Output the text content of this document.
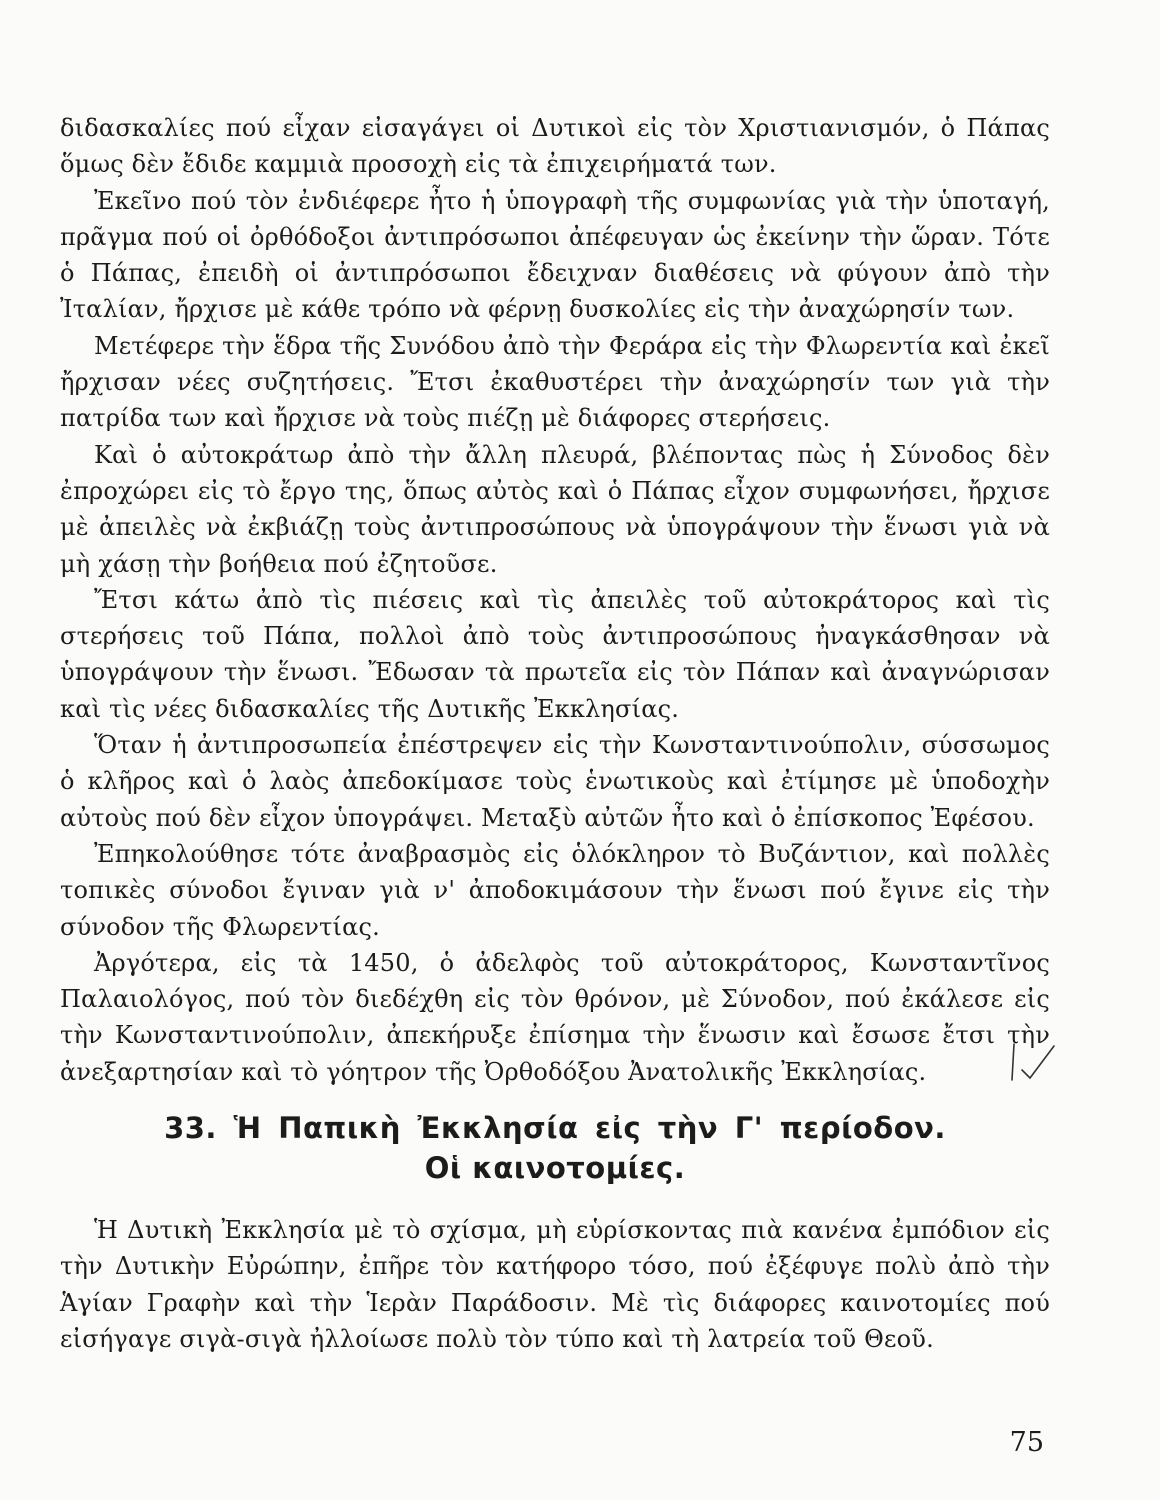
διδασκαλίες πού εἶχαν εἰσαγάγει οἱ Δυτικοὶ εἰς τὸν Χριστιανισμόν, ὁ Πάπας ὅμως δὲν ἔδιδε καμμιὰ προσοχὴ εἰς τὰ ἐπιχειρήματά των.

Ἐκεῖνο πού τὸν ἐνδιέφερε ἦτο ἡ ὑπογραφὴ τῆς συμφωνίας γιὰ τὴν ὑποταγή, πρᾶγμα πού οἱ ὀρθόδοξοι ἀντιπρόσωποι ἀπέφευγαν ὡς ἐκείνην τὴν ὥραν. Τότε ὁ Πάπας, ἐπειδὴ οἱ ἀντιπρόσωποι ἔδειχναν διαθέσεις νὰ φύγουν ἀπὸ τὴν Ἰταλίαν, ἤρχισε μὲ κάθε τρόπο νὰ φέρνῃ δυσκολίες εἰς τὴν ἀναχώρησίν των.

Μετέφερε τὴν ἕδρα τῆς Συνόδου ἀπὸ τὴν Φεράρα εἰς τὴν Φλωρεντία καὶ ἐκεῖ ἤρχισαν νέες συζητήσεις. Ἔτσι ἐκαθυστέρει τὴν ἀναχώρησίν των γιὰ τὴν πατρίδα των καὶ ἤρχισε νὰ τοὺς πιέζῃ μὲ διάφορες στερήσεις.

Καὶ ὁ αὐτοκράτωρ ἀπὸ τὴν ἄλλη πλευρά, βλέποντας πὼς ἡ Σύνοδος δὲν ἐπροχώρει εἰς τὸ ἔργο της, ὅπως αὐτὸς καὶ ὁ Πάπας εἶχον συμφωνήσει, ἤρχισε μὲ ἀπειλὲς νὰ ἐκβιάζῃ τοὺς ἀντιπροσώπους νὰ ὑπογράψουν τὴν ἕνωσι γιὰ νὰ μὴ χάσῃ τὴν βοήθεια πού ἐζητοῦσε.

Ἔτσι κάτω ἀπὸ τὶς πιέσεις καὶ τὶς ἀπειλὲς τοῦ αὐτοκράτορος καὶ τὶς στερήσεις τοῦ Πάπα, πολλοὶ ἀπὸ τοὺς ἀντιπροσώπους ἠναγκάσθησαν νὰ ὑπογράψουν τὴν ἕνωσι. Ἔδωσαν τὰ πρωτεῖα εἰς τὸν Πάπαν καὶ ἀναγνώρισαν καὶ τὶς νέες διδασκαλίες τῆς Δυτικῆς Ἐκκλησίας.

Ὅταν ἡ ἀντιπροσωπεία ἐπέστρεψεν εἰς τὴν Κωνσταντινούπολιν, σύσσωμος ὁ κλῆρος καὶ ὁ λαὸς ἀπεδοκίμασε τοὺς ἑνωτικοὺς καὶ ἐτίμησε μὲ ὑποδοχὴν αὐτοὺς πού δὲν εἶχον ὑπογράψει. Μεταξὺ αὐτῶν ἦτο καὶ ὁ ἐπίσκοπος Ἐφέσου.

Ἐπηκολούθησε τότε ἀναβρασμὸς εἰς ὁλόκληρον τὸ Βυζάντιον, καὶ πολλὲς τοπικὲς σύνοδοι ἔγιναν γιὰ ν' ἀποδοκιμάσουν τὴν ἕνωσι πού ἔγινε εἰς τὴν σύνοδον τῆς Φλωρεντίας.

Ἀργότερα, εἰς τὰ 1450, ὁ ἀδελφὸς τοῦ αὐτοκράτορος, Κωνσταντῖνος Παλαιολόγος, πού τὸν διεδέχθη εἰς τὸν θρόνον, μὲ Σύνοδον, πού ἐκάλεσε εἰς τὴν Κωνσταντινούπολιν, ἀπεκήρυξε ἐπίσημα τὴν ἕνωσιν καὶ ἔσωσε ἔτσι τὴν ἀνεξαρτησίαν καὶ τὸ γόητρον τῆς Ὀρθοδόξου Ἀνατολικῆς Ἐκκλησίας.

33. Ἡ Παπικὴ Ἐκκλησία εἰς τὴν Γ' περίοδον.
Οἱ καινοτομίες.

Ἡ Δυτικὴ Ἐκκλησία μὲ τὸ σχίσμα, μὴ εὑρίσκοντας πιὰ κανένα ἐμπόδιον εἰς τὴν Δυτικὴν Εὐρώπην, ἐπῆρε τὸν κατήφορο τόσο, πού ἐξέφυγε πολὺ ἀπὸ τὴν Ἁγίαν Γραφὴν καὶ τὴν Ἱερὰν Παράδοσιν. Μὲ τὶς διάφορες καινοτομίες πού εἰσήγαγε σιγὰ-σιγὰ ἠλλοίωσε πολὺ τὸν τύπο καὶ τὴ λατρεία τοῦ Θεοῦ.

75
